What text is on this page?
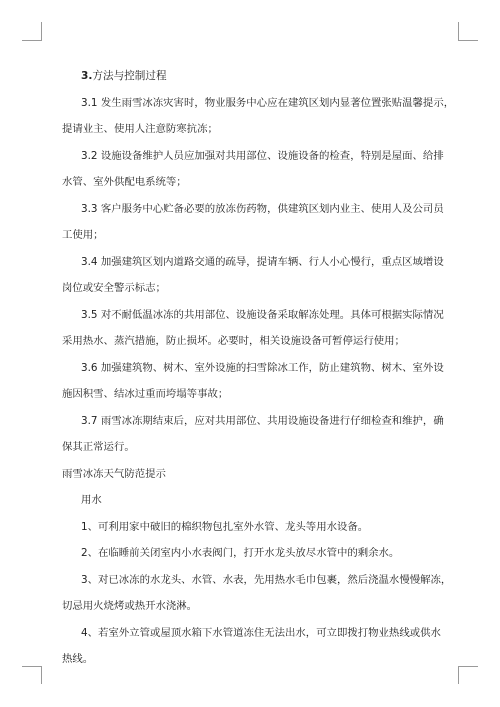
3.方法与控制过程
3.1 发生雨雪冰冻灾害时，物业服务中心应在建筑区划内显著位置张贴温馨提示，
提请业主、使用人注意防寒抗冻；
3.2 设施设备维护人员应加强对共用部位、设施设备的检查，特别是屋面、给排
水管、室外供配电系统等；
3.3 客户服务中心贮备必要的放冻伤药物，供建筑区划内业主、使用人及公司员
工使用；
3.4 加强建筑区划内道路交通的疏导，提请车辆、行人小心慢行，重点区域增设
岗位或安全警示标志；
3.5 对不耐低温冰冻的共用部位、设施设备采取解冻处理。具体可根据实际情况
采用热水、蒸汽措施，防止损坏。必要时，相关设施设备可暂停运行使用；
3.6 加强建筑物、树木、室外设施的扫雪除冰工作，防止建筑物、树木、室外设
施因积雪、结冰过重而垮塌等事故；
3.7 雨雪冰冻期结束后，应对共用部位、共用设施设备进行仔细检查和维护，确
保其正常运行。
雨雪冰冻天气防范提示
用水
1、可利用家中破旧的棉织物包扎室外水管、龙头等用水设备。
2、在临睡前关闭室内小水表阀门，打开水龙头放尽水管中的剩余水。
3、对已冰冻的水龙头、水管、水表，先用热水毛巾包裹，然后浇温水慢慢解冻，
切忌用火烧烤或热开水浇淋。
4、若室外立管或屋顶水箱下水管道冻住无法出水，可立即拨打物业热线或供水
热线。
